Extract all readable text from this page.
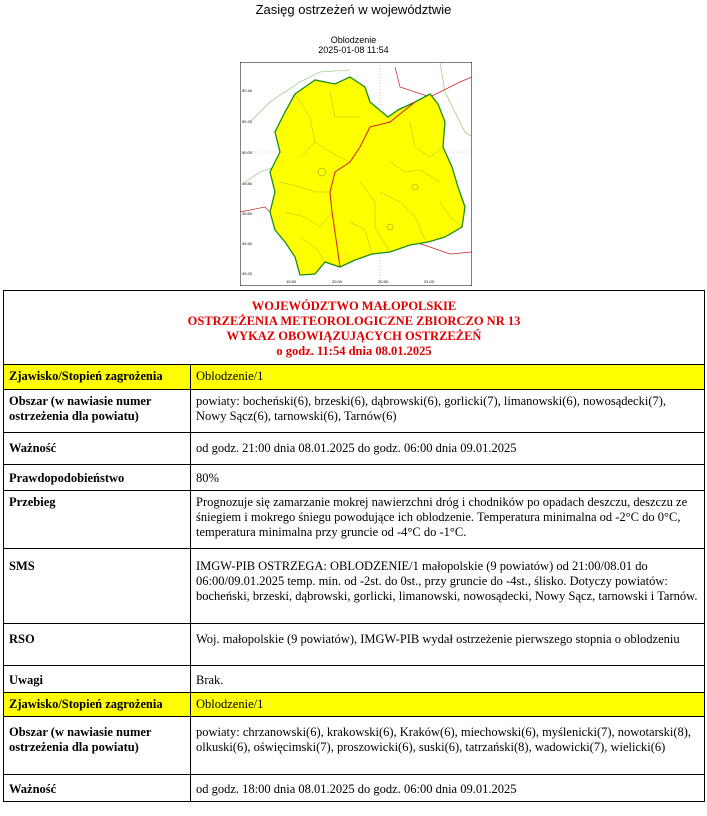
Zasięg ostrzeżeń w województwie
Oblodzenie
2025-01-08 11:54
50.40
50.20
50.00
49.80
49.60
49.40
49.20
19.50	20.00	20.50	21.00
WOJEWÓDZTWO MAŁOPOLSKIE
OSTRZEŻENIA METEOROLOGICZNE ZBIORCZO NR 13
WYKAZ OBOWIĄZUJĄCYCH OSTRZEŻEŃ
o godz. 11:54 dnia 08.01.2025	

Zjawisko/Stopień zagrożenia	Oblodzenie/1
Obszar (w nawiasie numer ostrzeżenia dla powiatu)	powiaty: bocheński(6), brzeski(6), dąbrowski(6), gorlicki(7), limanowski(6), nowosądecki(7), Nowy Sącz(6), tarnowski(6), Tarnów(6)
Ważność	od godz. 21:00 dnia 08.01.2025 do godz. 06:00 dnia 09.01.2025
Prawdopodobieństwo	80%
Przebieg	Prognozuje się zamarzanie mokrej nawierzchni dróg i chodników po opadach deszczu, deszczu ze śniegiem i mokrego śniegu powodujące ich oblodzenie. Temperatura minimalna od -2°C do 0°C, temperatura minimalna przy gruncie od -4°C do -1°C.
SMS	IMGW-PIB OSTRZEGA: OBLODZENIE/1 małopolskie (9 powiatów) od 21:00/08.01 do 06:00/09.01.2025 temp. min. od -2st. do 0st., przy gruncie do -4st., ślisko. Dotyczy powiatów: bocheński, brzeski, dąbrowski, gorlicki, limanowski, nowosądecki, Nowy Sącz, tarnowski i Tarnów.
RSO	Woj. małopolskie (9 powiatów), IMGW-PIB wydał ostrzeżenie pierwszego stopnia o oblodzeniu

Uwagi	Brak.
Zjawisko/Stopień zagrożenia	Oblodzenie/1
Obszar (w nawiasie numer ostrzeżenia dla powiatu)	powiaty: chrzanowski(6), krakowski(6), Kraków(6), miechowski(6), myślenicki(7), nowotarski(8), olkuski(6), oświęcimski(7), proszowicki(6), suski(6), tatrzański(8), wadowicki(7), wielicki(6)
Ważność	od godz. 18:00 dnia 08.01.2025 do godz. 06:00 dnia 09.01.2025
